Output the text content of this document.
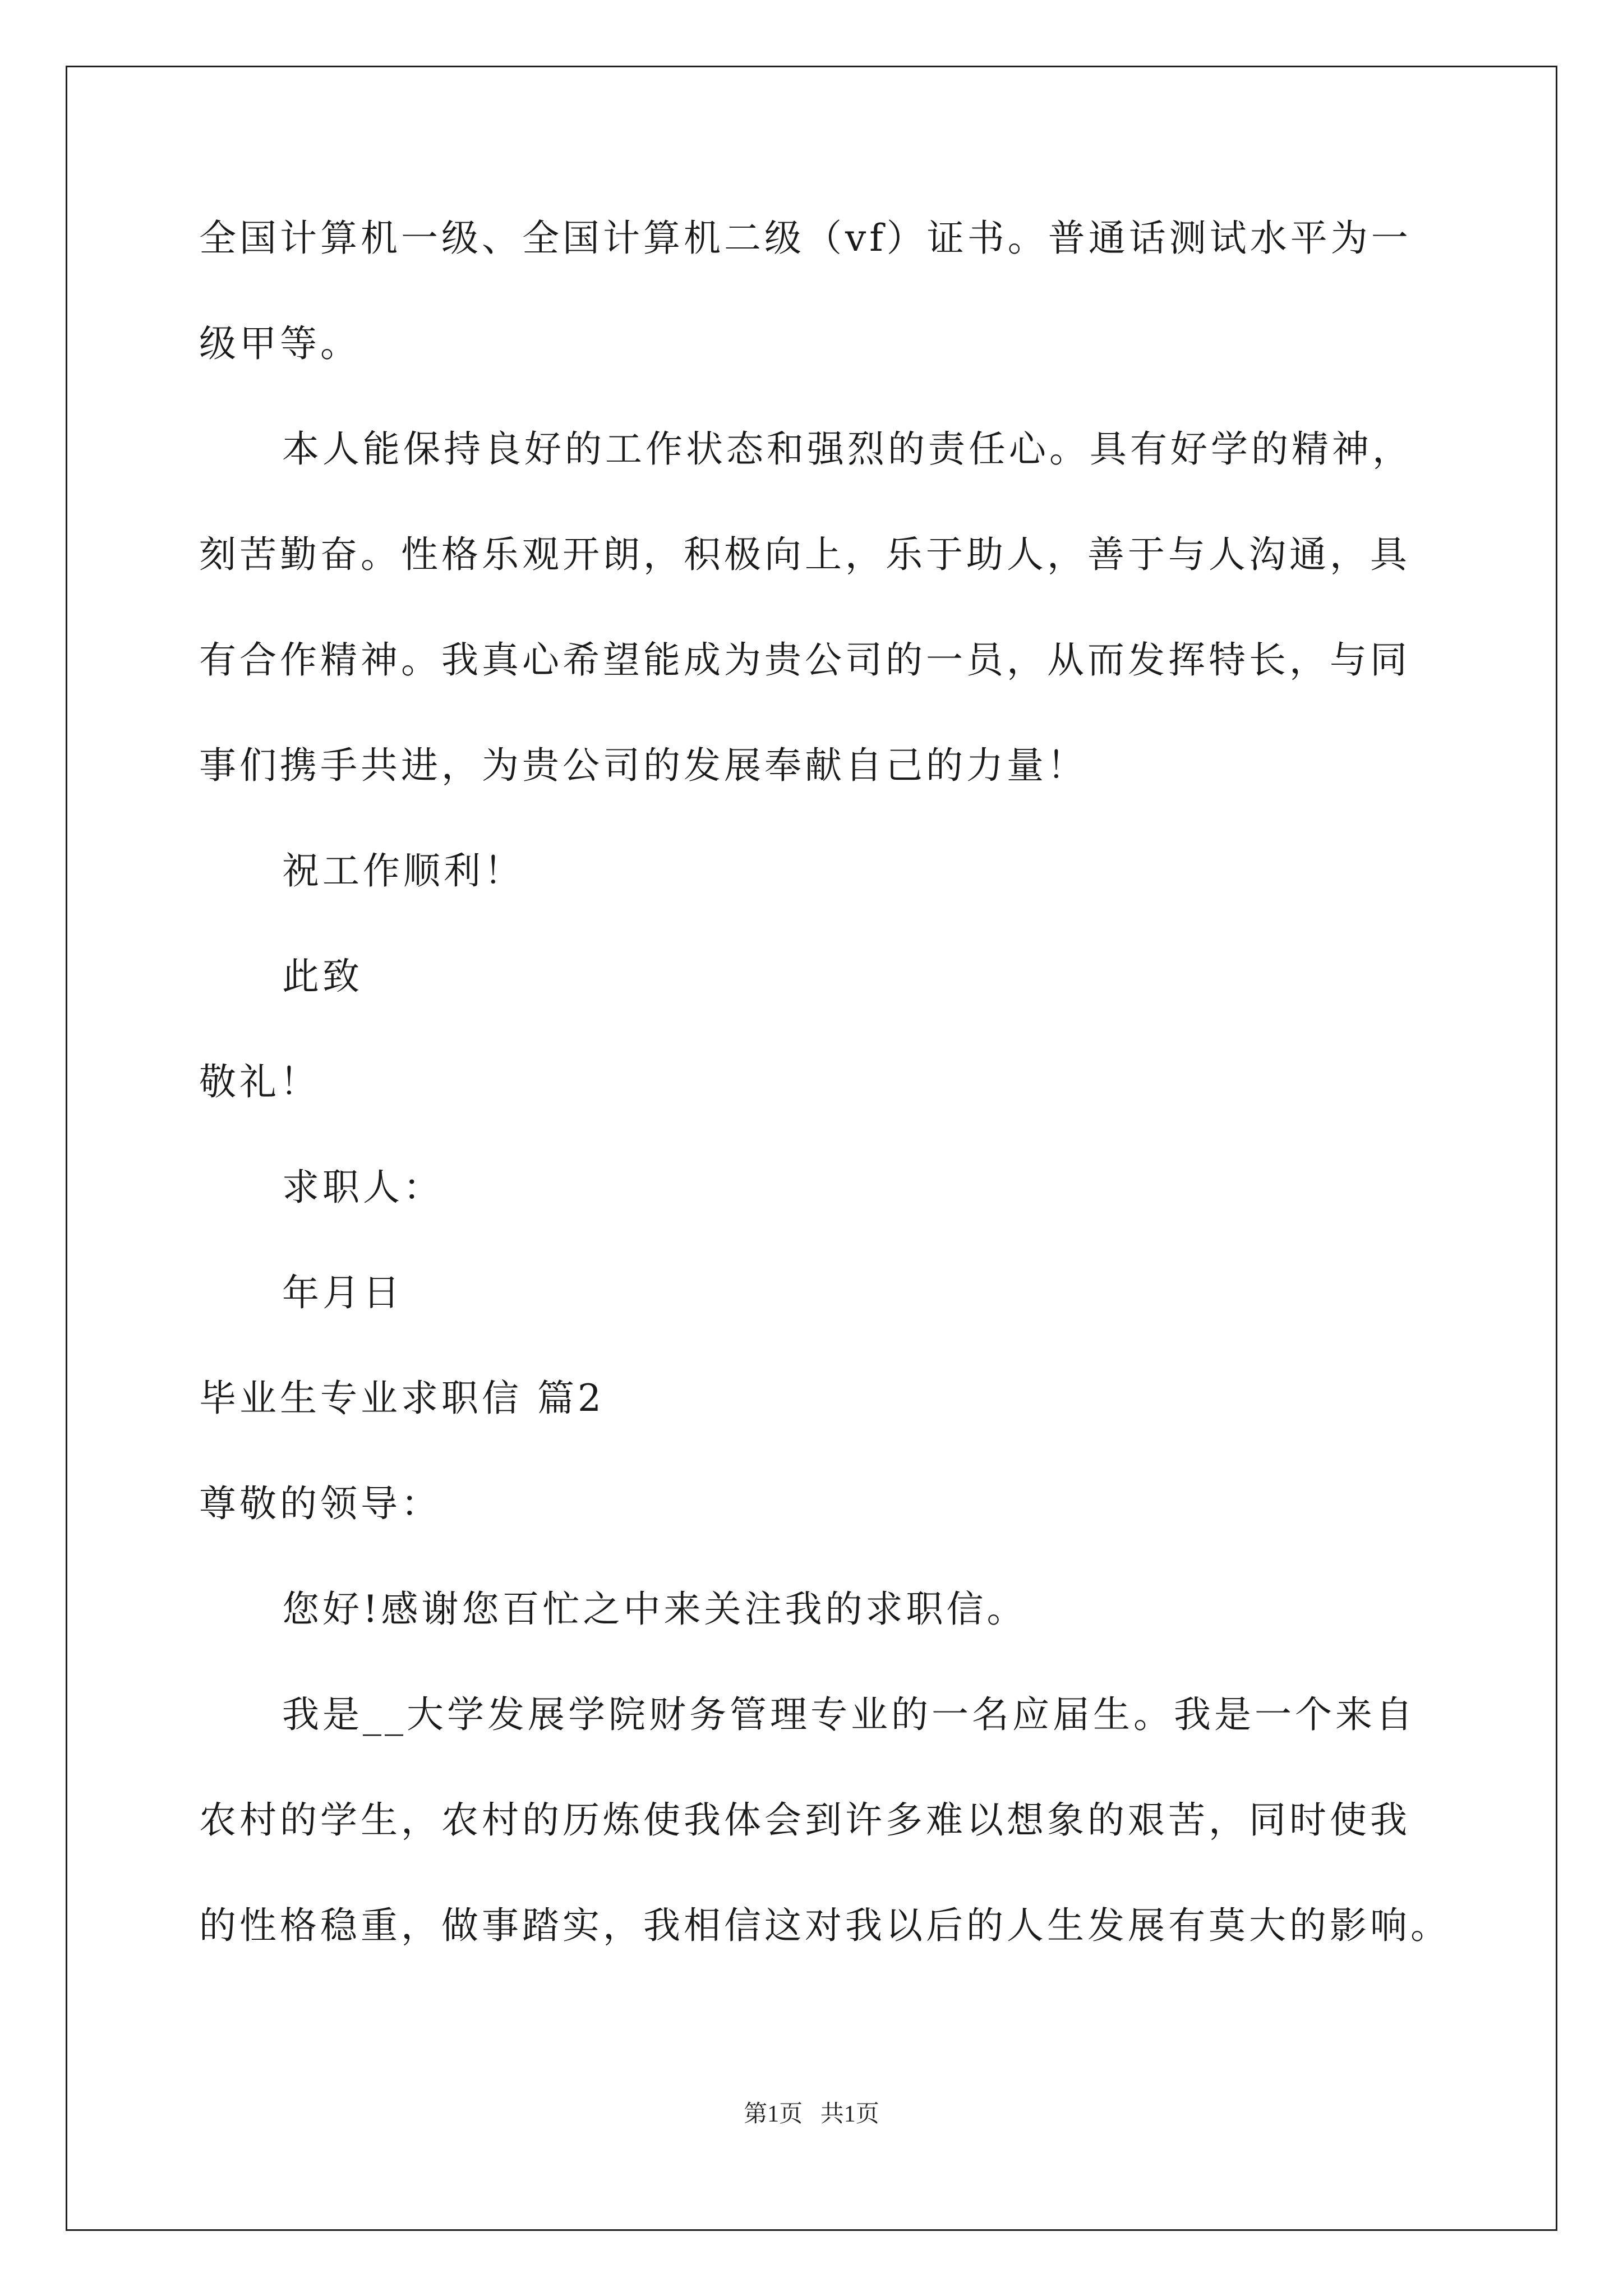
全国计算机一级、全国计算机二级（vf）证书。普通话测试水平为一
级甲等。
本人能保持良好的工作状态和强烈的责任心。具有好学的精神，
刻苦勤奋。性格乐观开朗，积极向上，乐于助人，善于与人沟通，具
有合作精神。我真心希望能成为贵公司的一员，从而发挥特长，与同
事们携手共进，为贵公司的发展奉献自己的力量！
祝工作顺利！
此致
敬礼！
求职人：
年月日
毕业生专业求职信 篇2
尊敬的领导：
您好!感谢您百忙之中来关注我的求职信。
我是__大学发展学院财务管理专业的一名应届生。我是一个来自
农村的学生，农村的历炼使我体会到许多难以想象的艰苦，同时使我
的性格稳重，做事踏实，我相信这对我以后的人生发展有莫大的影响。
第1页   共1页
